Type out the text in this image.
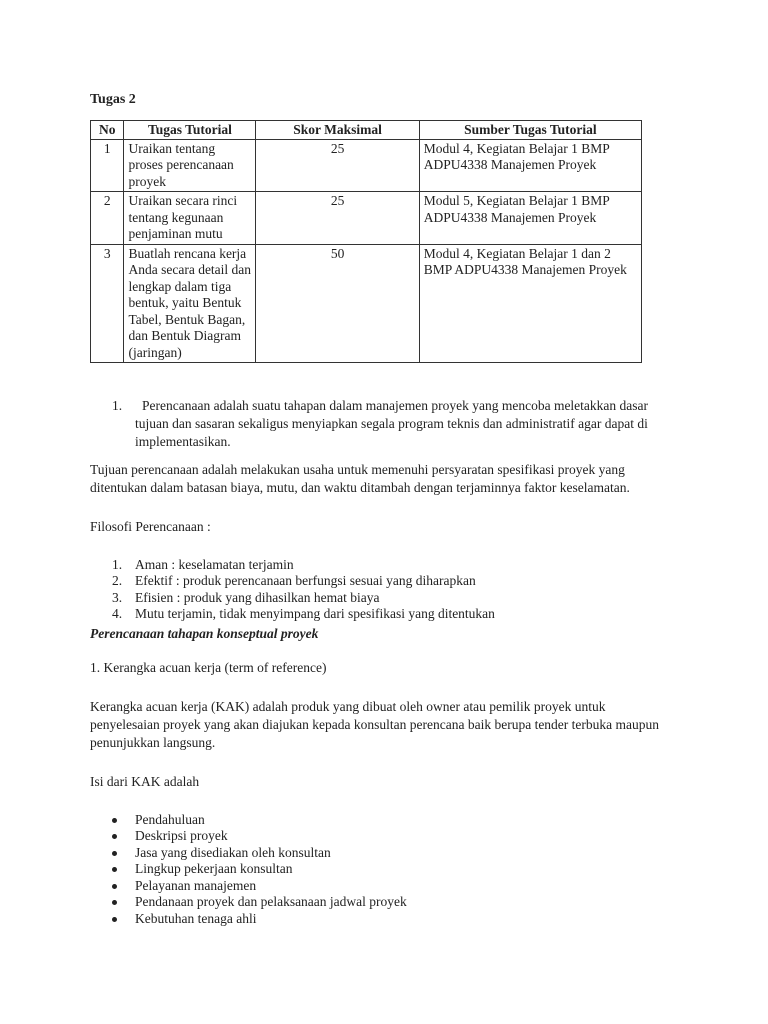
Tugas 2
No	Tugas Tutorial	Skor Maksimal	Sumber Tugas Tutorial
1	Uraikan tentang proses perencanaan proyek	25	Modul 4, Kegiatan Belajar 1 BMP ADPU4338 Manajemen Proyek
2	Uraikan secara rinci tentang kegunaan penjaminan mutu	25	Modul 5, Kegiatan Belajar 1 BMP ADPU4338 Manajemen Proyek
3	Buatlah rencana kerja Anda secara detail dan lengkap dalam tiga bentuk, yaitu Bentuk Tabel, Bentuk Bagan, dan Bentuk Diagram (jaringan)	50	Modul 4, Kegiatan Belajar 1 dan 2 BMP ADPU4338 Manajemen Proyek
1. Perencanaan adalah suatu tahapan dalam manajemen proyek yang mencoba meletakkan dasar
tujuan dan sasaran sekaligus menyiapkan segala program teknis dan administratif agar dapat di
implementasikan.
Tujuan perencanaan adalah melakukan usaha untuk memenuhi persyaratan spesifikasi proyek yang
ditentukan dalam batasan biaya, mutu, dan waktu ditambah dengan terjaminnya faktor keselamatan.
Filosofi Perencanaan :
1. Aman : keselamatan terjamin
2. Efektif : produk perencanaan berfungsi sesuai yang diharapkan
3. Efisien : produk yang dihasilkan hemat biaya
4. Mutu terjamin, tidak menyimpang dari spesifikasi yang ditentukan
Perencanaan tahapan konseptual proyek
1. Kerangka acuan kerja (term of reference)
Kerangka acuan kerja (KAK) adalah produk yang dibuat oleh owner atau pemilik proyek untuk
penyelesaian proyek yang akan diajukan kepada konsultan perencana baik berupa tender terbuka maupun
penunjukkan langsung.
Isi dari KAK adalah
Pendahuluan
Deskripsi proyek
Jasa yang disediakan oleh konsultan
Lingkup pekerjaan konsultan
Pelayanan manajemen
Pendanaan proyek dan pelaksanaan jadwal proyek
Kebutuhan tenaga ahli
